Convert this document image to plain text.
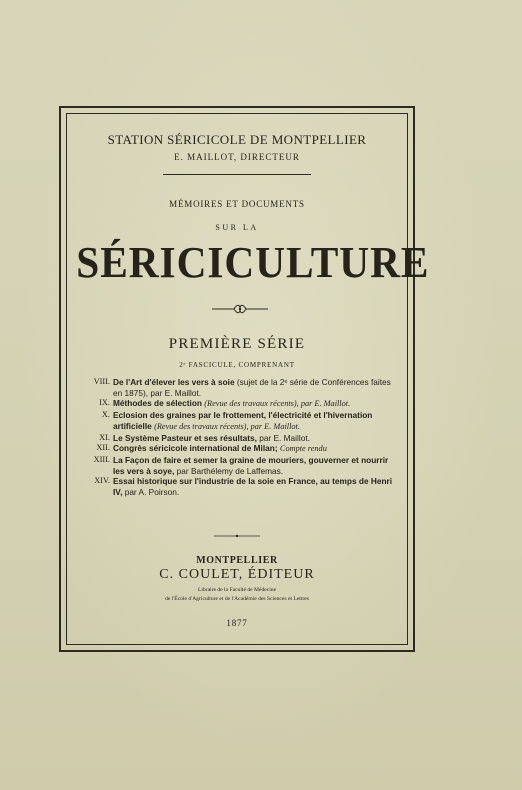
STATION SÉRICICOLE DE MONTPELLIER
E. MAILLOT, DIRECTEUR
MÉMOIRES ET DOCUMENTS
SUR LA
SÉRICICULTURE
PREMIÈRE SÉRIE
2ᵉ FASCICULE, COMPRENANT
VIII. De l'Art d'élever les vers à soie (sujet de la 2ᵉ série de Conférences faites en 1875), par E. Maillot.
IX. Méthodes de sélection (Revue des travaux récents), par E. Maillot.
X. Eclosion des graines par le frottement, l'électricité et l'hivernation artificielle (Revue des travaux récents), par E. Maillot.
XI. Le Système Pasteur et ses résultats, par E. Maillot.
XII. Congrès séricicole international de Milan; Compte rendu
XIII. La Façon de faire et semer la graine de mouriers, gouverner et nourrir les vers à soye, par Barthélemy de Laffemas.
XIV. Essai historique sur l'industrie de la soie en France, au temps de Henri IV, par A. Poirson.
MONTPELLIER
C. COULET, ÉDITEUR
Libraire de la Faculté de Médecine
de l'École d'Agriculture et de l'Académie des Sciences et Lettres
1877
